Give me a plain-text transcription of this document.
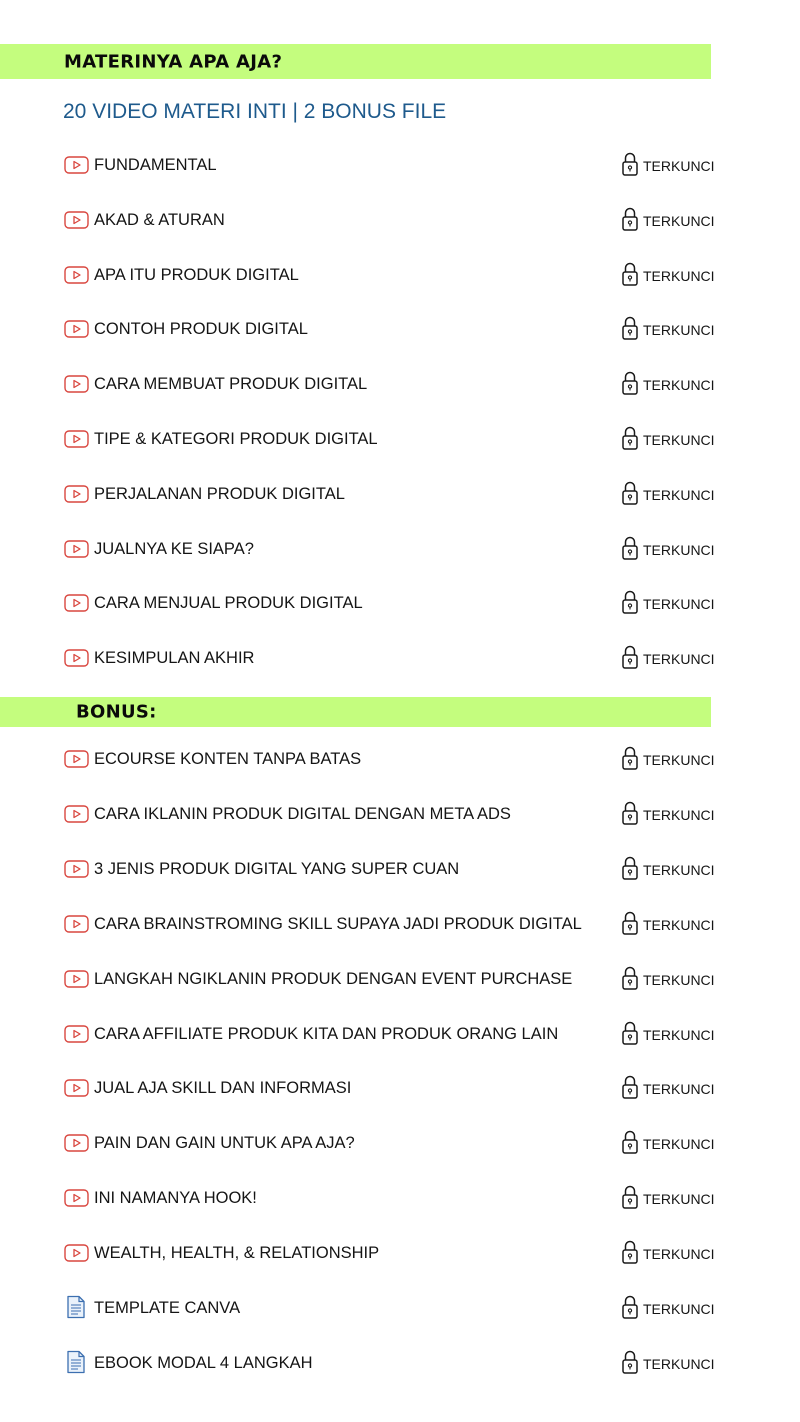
MATERINYA APA AJA?
20 VIDEO MATERI INTI | 2 BONUS FILE
FUNDAMENTAL	TERKUNCI
AKAD & ATURAN	TERKUNCI
APA ITU PRODUK DIGITAL	TERKUNCI
CONTOH PRODUK DIGITAL	TERKUNCI
CARA MEMBUAT PRODUK DIGITAL	TERKUNCI
TIPE & KATEGORI PRODUK DIGITAL	TERKUNCI
PERJALANAN PRODUK DIGITAL	TERKUNCI
JUALNYA KE SIAPA?	TERKUNCI
CARA MENJUAL PRODUK DIGITAL	TERKUNCI
KESIMPULAN AKHIR	TERKUNCI
BONUS:
ECOURSE KONTEN TANPA BATAS	TERKUNCI
CARA IKLANIN PRODUK DIGITAL DENGAN META ADS	TERKUNCI
3 JENIS PRODUK DIGITAL YANG SUPER CUAN	TERKUNCI
CARA BRAINSTROMING SKILL SUPAYA JADI PRODUK DIGITAL	TERKUNCI
LANGKAH NGIKLANIN PRODUK DENGAN EVENT PURCHASE	TERKUNCI
CARA AFFILIATE PRODUK KITA DAN PRODUK ORANG LAIN	TERKUNCI
JUAL AJA SKILL DAN INFORMASI	TERKUNCI
PAIN DAN GAIN UNTUK APA AJA?	TERKUNCI
INI NAMANYA HOOK!	TERKUNCI
WEALTH, HEALTH, & RELATIONSHIP	TERKUNCI
TEMPLATE CANVA	TERKUNCI
EBOOK MODAL 4 LANGKAH	TERKUNCI
